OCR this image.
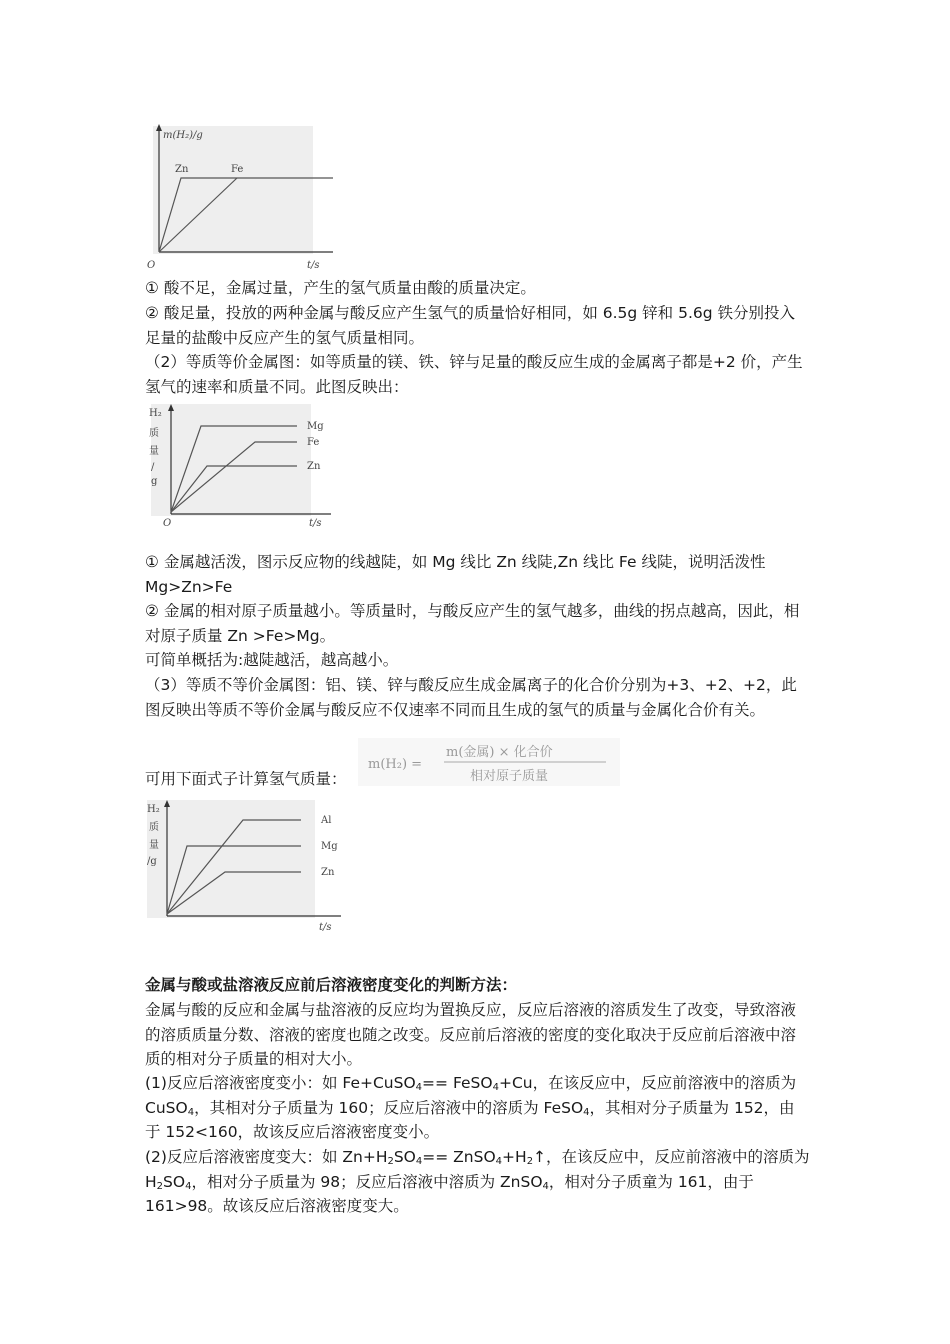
m(H₂)/g
Zn	Fe
O	t/s

① 酸不足，金属过量，产生的氢气质量由酸的质量决定。

② 酸足量，投放的两种金属与酸反应产生氢气的质量恰好相同，如 6.5g 锌和 5.6g 铁分别投入足量的盐酸中反应产生的氢气质量相同。

（2）等质等价金属图：如等质量的镁、铁、锌与足量的酸反应生成的金属离子都是+2 价，产生氢气的速率和质量不同。此图反映出：

H₂
质
量
/
g
Mg
Fe
Zn
O	t/s

① 金属越活泼，图示反应物的线越陡，如 Mg 线比 Zn 线陡,Zn 线比 Fe 线陡，说明活泼性 Mg>Zn>Fe

② 金属的相对原子质量越小。等质量时，与酸反应产生的氢气越多，曲线的拐点越高，因此，相对原子质量 Zn >Fe>Mg。

可简单概括为:越陡越活，越高越小。

（3）等质不等价金属图：铝、镁、锌与酸反应生成金属离子的化合价分别为+3、+2、+2，此图反映出等质不等价金属与酸反应不仅速率不同而且生成的氢气的质量与金属化合价有关。

可用下面式子计算氢气质量：

m(H₂) =
m(金属) × 化合价
相对原子质量
H₂
质
量
/g
Al
Mg
Zn
t/s

金属与酸或盐溶液反应前后溶液密度变化的判断方法：

金属与酸的反应和金属与盐溶液的反应均为置换反应，反应后溶液的溶质发生了改变，导致溶液的溶质质量分数、溶液的密度也随之改变。反应前后溶液的密度的变化取决于反应前后溶液中溶质的相对分子质量的相对大小。

(1)反应后溶液密度变小：如 Fe+CuSO$_4$== FeSO$_4$+Cu，在该反应中，反应前溶液中的溶质为 CuSO$_4$，其相对分子质量为 160；反应后溶液中的溶质为 FeSO$_4$，其相对分子质量为 152，由于 152<160，故该反应后溶液密度变小。

(2)反应后溶液密度变大：如 $Zn+H_2SO_4==$ $ZnSO_4+H_2↑$，在该反应中，反应前溶液中的溶质为 $H_2SO_4$，相对分子质量为 98；反应后溶液中溶质为 ZnSO$_4$，相对分子质童为 161，由于 161>98。故该反应后溶液密度变大。
